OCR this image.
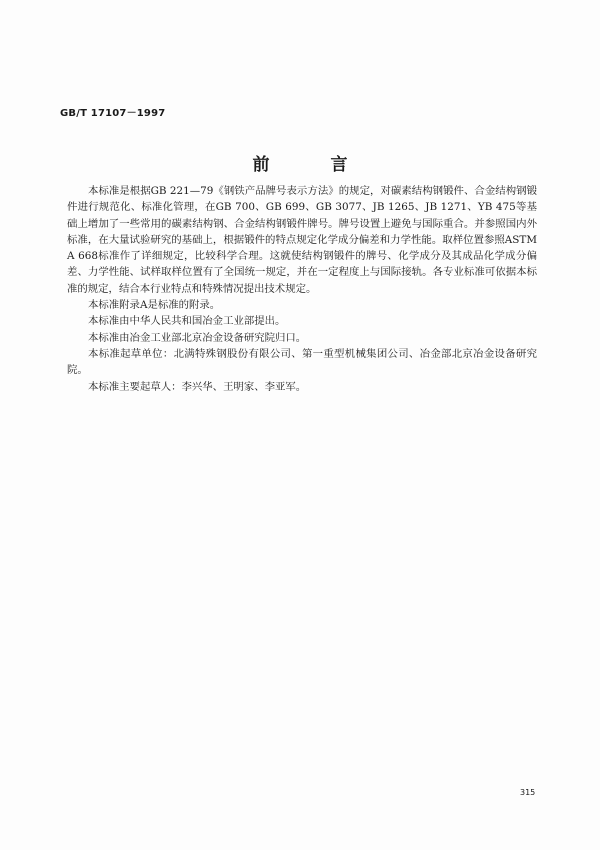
GB/T 17107－1997
前　言

本标准是根据GB 221—79《钢铁产品牌号表示方法》的规定，对碳素结构钢锻件、合金结构钢锻件进行规范化、标准化管理，在GB 700、GB 699、GB 3077、JB 1265、JB 1271、YB 475等基础上增加了一些常用的碳素结构钢、合金结构钢锻件牌号。牌号设置上避免与国际重合。并参照国内外标准，在大量试验研究的基础上，根据锻件的特点规定化学成分偏差和力学性能。取样位置参照ASTM A 668标准作了详细规定，比较科学合理。这就使结构钢锻件的牌号、化学成分及其成品化学成分偏差、力学性能、试样取样位置有了全国统一规定，并在一定程度上与国际接轨。各专业标准可依据本标准的规定，结合本行业特点和特殊情况提出技术规定。

本标准附录A是标准的附录。

本标准由中华人民共和国冶金工业部提出。

本标准由冶金工业部北京冶金设备研究院归口。

本标准起草单位：北满特殊钢股份有限公司、第一重型机械集团公司、冶金部北京冶金设备研究院。

本标准主要起草人：李兴华、王明家、李亚军。

315
